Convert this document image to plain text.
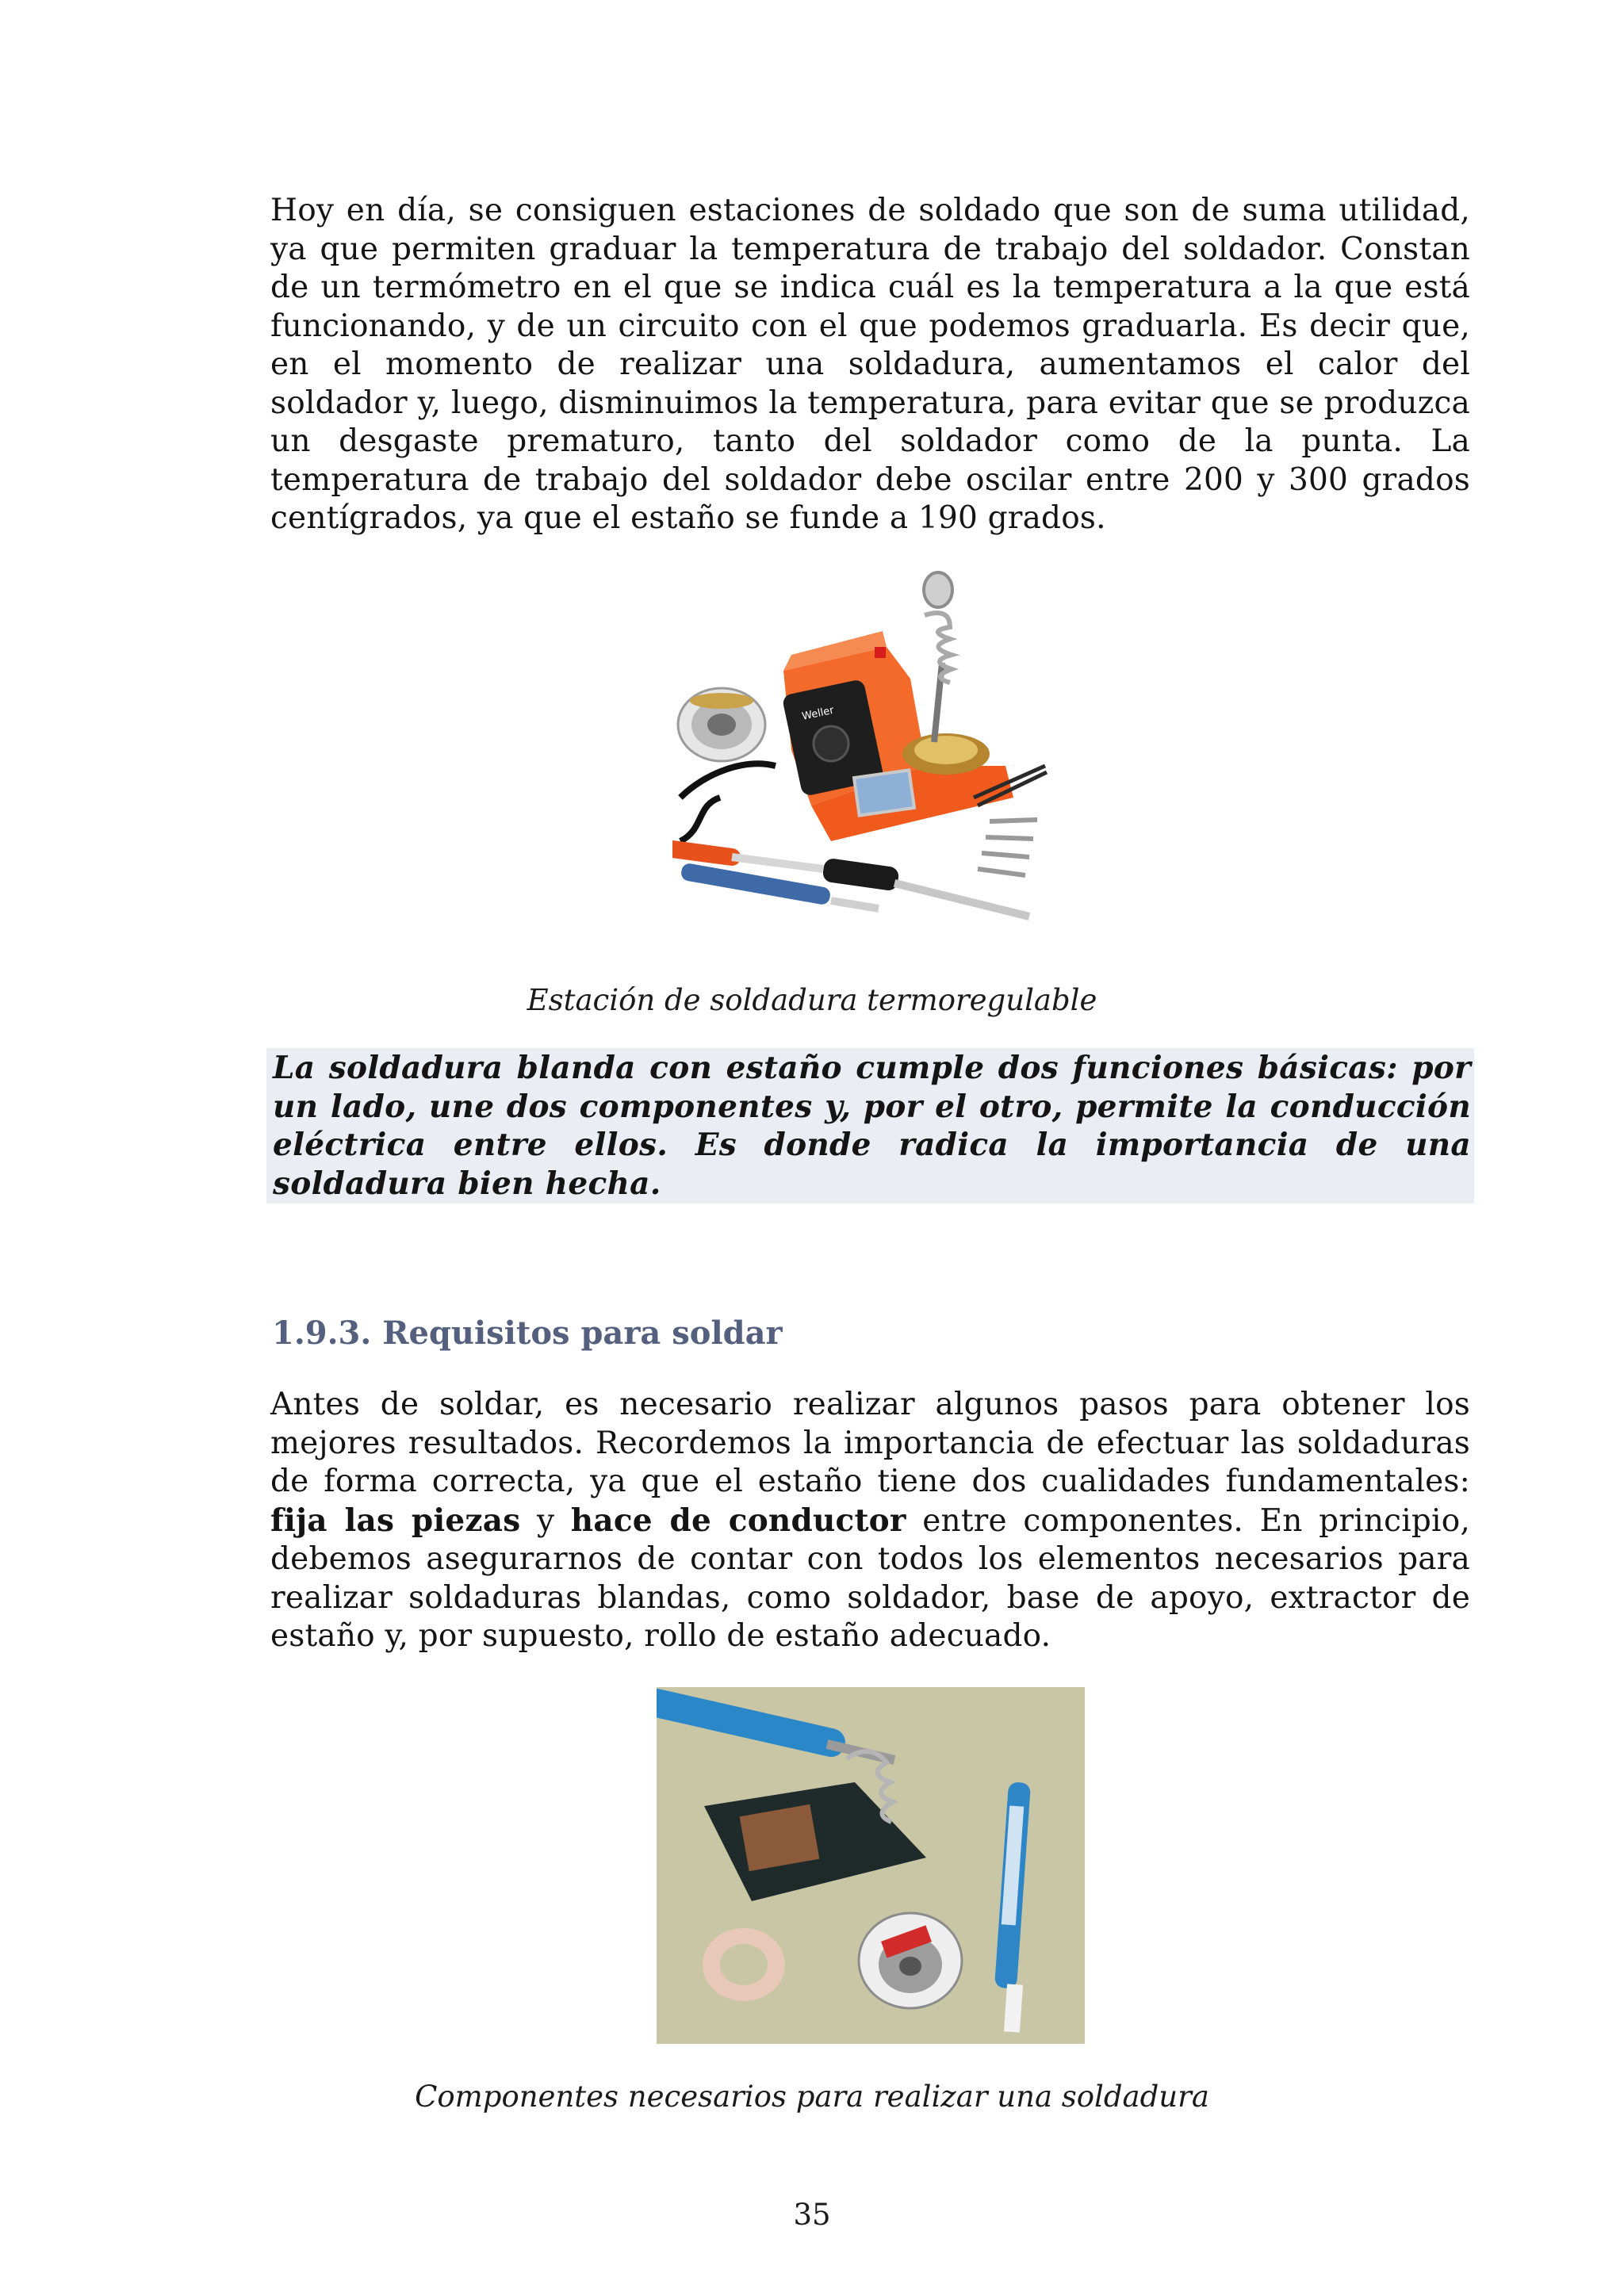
Hoy en día, se consiguen estaciones de soldado que son de suma utilidad, ya que permiten graduar la temperatura de trabajo del soldador. Constan de un termómetro en el que se indica cuál es la temperatura a la que está funcionando, y de un circuito con el que podemos graduarla. Es decir que, en el momento de realizar una soldadura, aumentamos el calor del soldador y, luego, disminuimos la temperatura, para evitar que se produzca un desgaste prematuro, tanto del soldador como de la punta. La temperatura de trabajo del soldador debe oscilar entre 200 y 300 grados centígrados, ya que el estaño se funde a 190 grados.

Weller

Estación de soldadura termoregulable

La soldadura blanda con estaño cumple dos funciones básicas: por un lado, une dos componentes y, por el otro, permite la conducción eléctrica entre ellos. Es donde radica la importancia de una soldadura bien hecha.

1.9.3. Requisitos para soldar

Antes de soldar, es necesario realizar algunos pasos para obtener los mejores resultados. Recordemos la importancia de efectuar las soldaduras de forma correcta, ya que el estaño tiene dos cualidades fundamentales: fija las piezas y hace de conductor entre componentes. En principio, debemos asegurarnos de contar con todos los elementos necesarios para realizar soldaduras blandas, como soldador, base de apoyo, extractor de estaño y, por supuesto, rollo de estaño adecuado.

Componentes necesarios para realizar una soldadura

35
